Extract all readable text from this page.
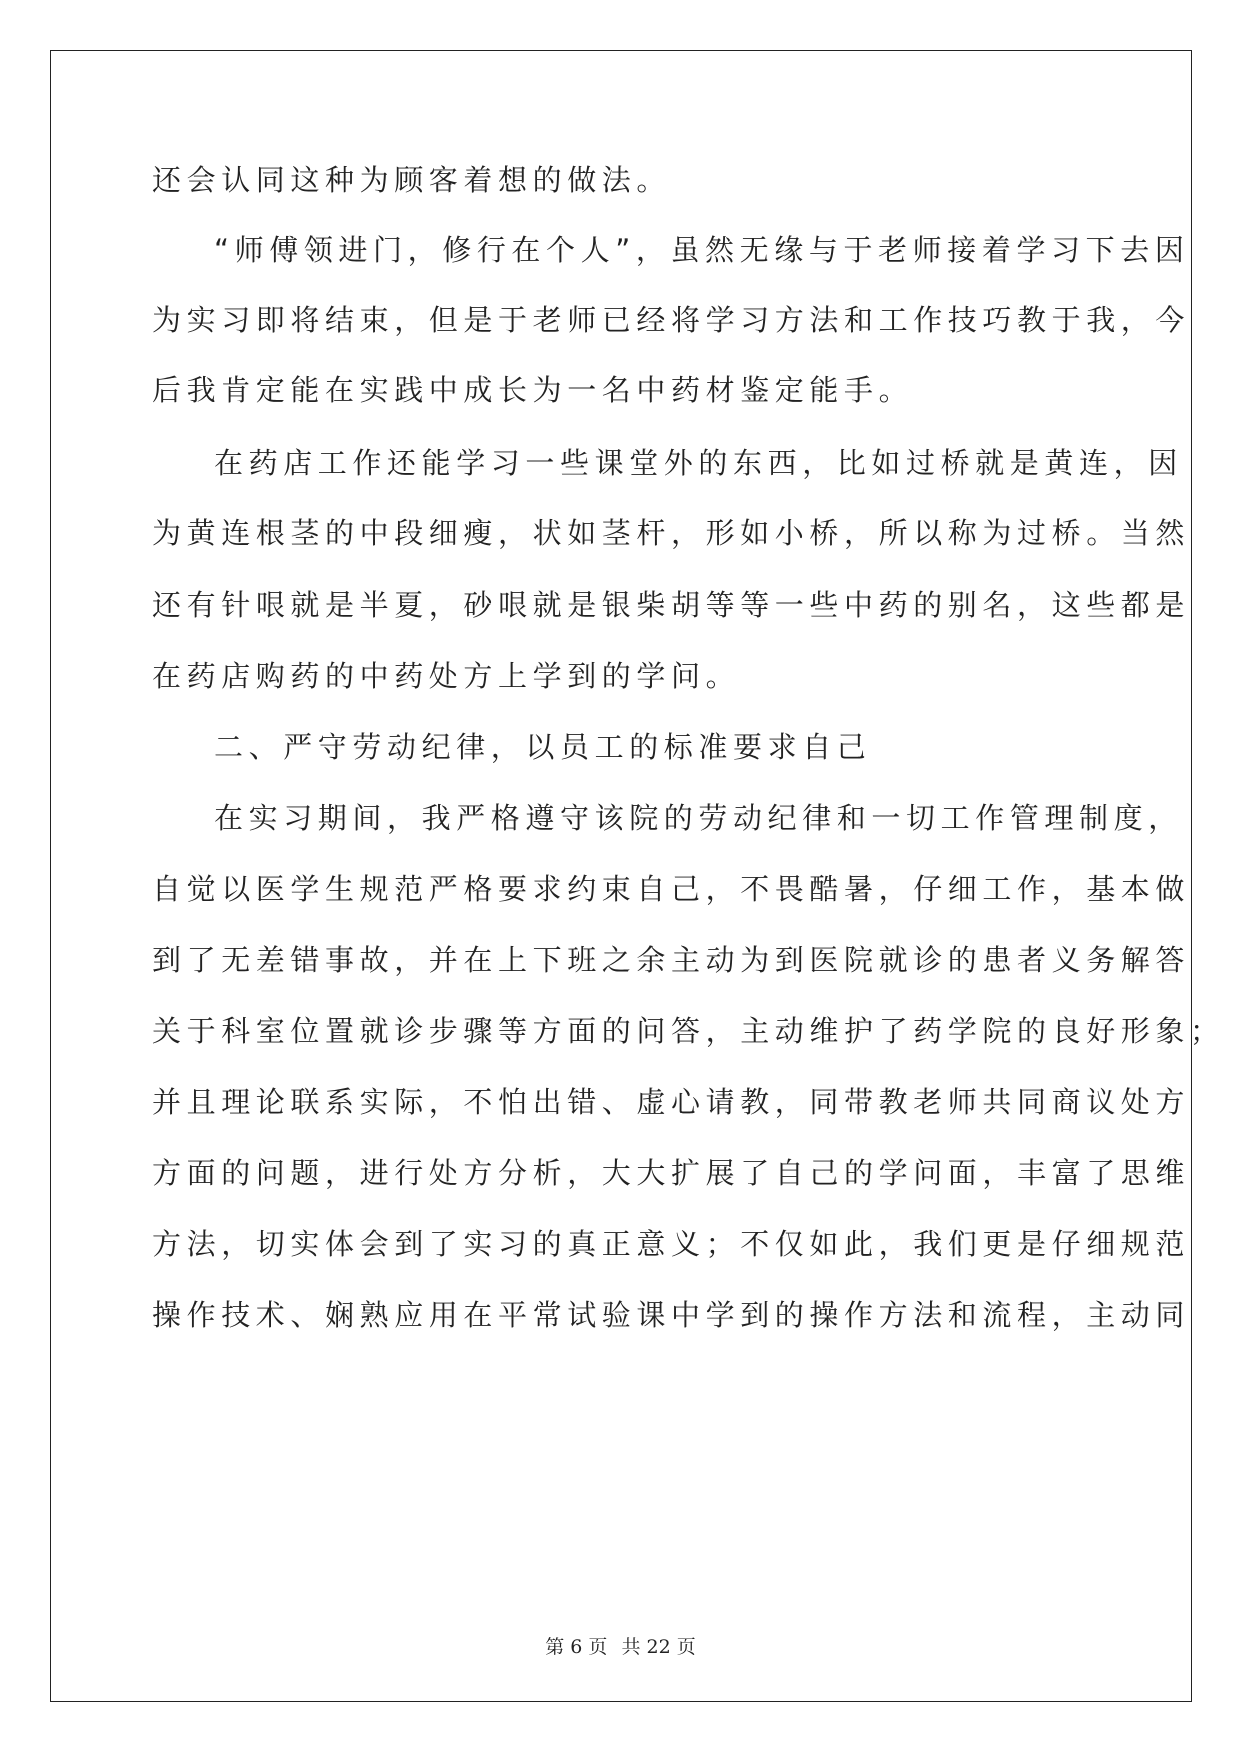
还会认同这种为顾客着想的做法。
“师傅领进门，修行在个人”，虽然无缘与于老师接着学习下去因
为实习即将结束，但是于老师已经将学习方法和工作技巧教于我，今
后我肯定能在实践中成长为一名中药材鉴定能手。
在药店工作还能学习一些课堂外的东西，比如过桥就是黄连，因
为黄连根茎的中段细瘦，状如茎杆，形如小桥，所以称为过桥。当然
还有针哏就是半夏，砂哏就是银柴胡等等一些中药的别名，这些都是
在药店购药的中药处方上学到的学问。
二、严守劳动纪律，以员工的标准要求自己
在实习期间，我严格遵守该院的劳动纪律和一切工作管理制度，
自觉以医学生规范严格要求约束自己，不畏酷暑，仔细工作，基本做
到了无差错事故，并在上下班之余主动为到医院就诊的患者义务解答
关于科室位置就诊步骤等方面的问答，主动维护了药学院的良好形象；
并且理论联系实际，不怕出错、虚心请教，同带教老师共同商议处方
方面的问题，进行处方分析，大大扩展了自己的学问面，丰富了思维
方法，切实体会到了实习的真正意义；不仅如此，我们更是仔细规范
操作技术、娴熟应用在平常试验课中学到的操作方法和流程，主动同
第 6 页 共 22 页
